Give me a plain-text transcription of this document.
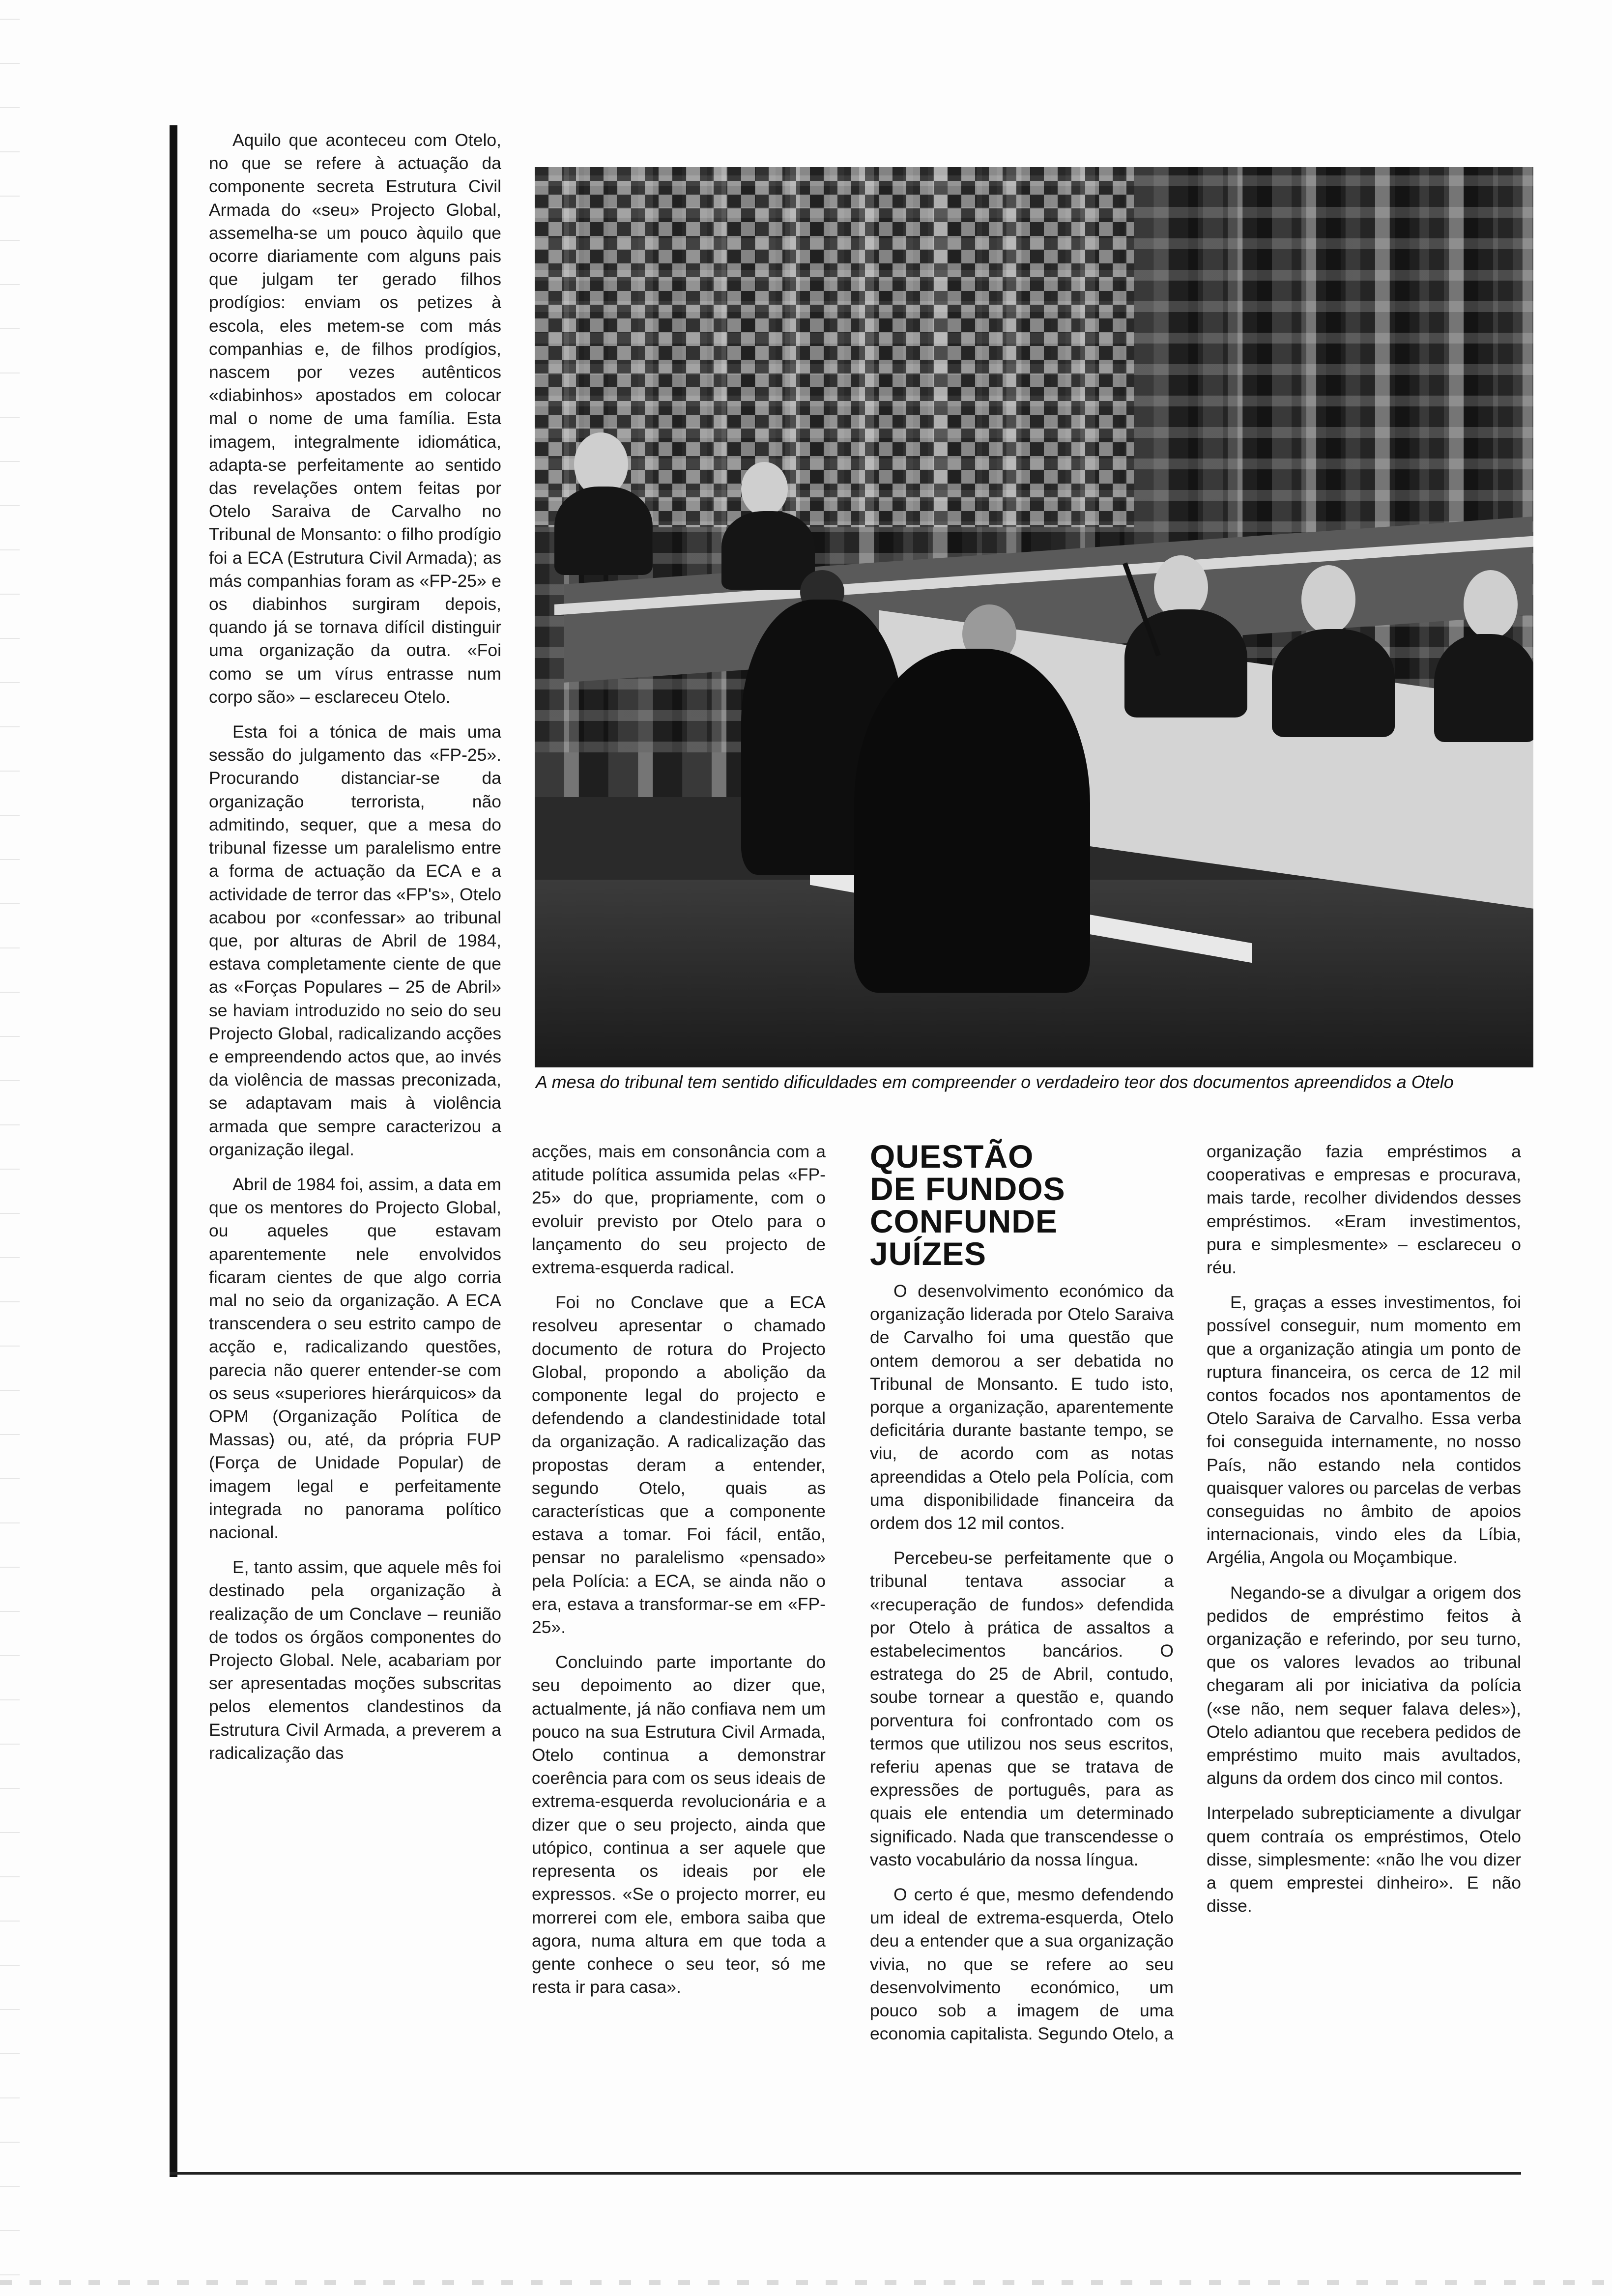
Aquilo que aconteceu com Otelo, no que se refere à actuação da componente secreta Estrutura Civil Armada do «seu» Projecto Global, assemelha-se um pouco àquilo que ocorre diariamente com alguns pais que julgam ter gerado filhos prodígios: enviam os petizes à escola, eles metem-se com más companhias e, de filhos prodígios, nascem por vezes autênticos «diabinhos» apostados em colocar mal o nome de uma família. Esta imagem, integralmente idiomática, adapta-se perfeitamente ao sentido das revelações ontem feitas por Otelo Saraiva de Carvalho no Tribunal de Monsanto: o filho prodígio foi a ECA (Estrutura Civil Armada); as más companhias foram as «FP-25» e os diabinhos surgiram depois, quando já se tornava difícil distinguir uma organização da outra. «Foi como se um vírus entrasse num corpo são» – esclareceu Otelo.

Esta foi a tónica de mais uma sessão do julgamento das «FP-25». Procurando distanciar-se da organização terrorista, não admitindo, sequer, que a mesa do tribunal fizesse um paralelismo entre a forma de actuação da ECA e a actividade de terror das «FP's», Otelo acabou por «confessar» ao tribunal que, por alturas de Abril de 1984, estava completamente ciente de que as «Forças Populares – 25 de Abril» se haviam introduzido no seio do seu Projecto Global, radicalizando acções e empreendendo actos que, ao invés da violência de massas preconizada, se adaptavam mais à violência armada que sempre caracterizou a organização ilegal.

Abril de 1984 foi, assim, a data em que os mentores do Projecto Global, ou aqueles que estavam aparentemente nele envolvidos ficaram cientes de que algo corria mal no seio da organização. A ECA transcendera o seu estrito campo de acção e, radicalizando questões, parecia não querer entender-se com os seus «superiores hierárquicos» da OPM (Organização Política de Massas) ou, até, da própria FUP (Força de Unidade Popular) de imagem legal e perfeitamente integrada no panorama político nacional.

E, tanto assim, que aquele mês foi destinado pela organização à realização de um Conclave – reunião de todos os órgãos componentes do Projecto Global. Nele, acabariam por ser apresentadas moções subscritas pelos elementos clandestinos da Estrutura Civil Armada, a preverem a radicalização das

A mesa do tribunal tem sentido dificuldades em compreender o verdadeiro teor dos documentos apreendidos a Otelo

acções, mais em consonância com a atitude política assumida pelas «FP-25» do que, propriamente, com o evoluir previsto por Otelo para o lançamento do seu projecto de extrema-esquerda radical.

Foi no Conclave que a ECA resolveu apresentar o chamado documento de rotura do Projecto Global, propondo a abolição da componente legal do projecto e defendendo a clandestinidade total da organização. A radicalização das propostas deram a entender, segundo Otelo, quais as características que a componente estava a tomar. Foi fácil, então, pensar no paralelismo «pensado» pela Polícia: a ECA, se ainda não o era, estava a transformar-se em «FP-25».

Concluindo parte importante do seu depoimento ao dizer que, actualmente, já não confiava nem um pouco na sua Estrutura Civil Armada, Otelo continua a demonstrar coerência para com os seus ideais de extrema-esquerda revolucionária e a dizer que o seu projecto, ainda que utópico, continua a ser aquele que representa os ideais por ele expressos. «Se o projecto morrer, eu morrerei com ele, embora saiba que agora, numa altura em que toda a gente conhece o seu teor, só me resta ir para casa».

QUESTÃO
DE FUNDOS
CONFUNDE JUÍZES

O desenvolvimento económico da organização liderada por Otelo Saraiva de Carvalho foi uma questão que ontem demorou a ser debatida no Tribunal de Monsanto. E tudo isto, porque a organização, aparentemente deficitária durante bastante tempo, se viu, de acordo com as notas apreendidas a Otelo pela Polícia, com uma disponibilidade financeira da ordem dos 12 mil contos.

Percebeu-se perfeitamente que o tribunal tentava associar a «recuperação de fundos» defendida por Otelo à prática de assaltos a estabelecimentos bancários. O estratega do 25 de Abril, contudo, soube tornear a questão e, quando porventura foi confrontado com os termos que utilizou nos seus escritos, referiu apenas que se tratava de expressões de português, para as quais ele entendia um determinado significado. Nada que transcendesse o vasto vocabulário da nossa língua.

O certo é que, mesmo defendendo um ideal de extrema-esquerda, Otelo deu a entender que a sua organização vivia, no que se refere ao seu desenvolvimento económico, um pouco sob a imagem de uma economia capitalista. Segundo Otelo, a

organização fazia empréstimos a cooperativas e empresas e procurava, mais tarde, recolher dividendos desses empréstimos. «Eram investimentos, pura e simplesmente» – esclareceu o réu.

E, graças a esses investimentos, foi possível conseguir, num momento em que a organização atingia um ponto de ruptura financeira, os cerca de 12 mil contos focados nos apontamentos de Otelo Saraiva de Carvalho. Essa verba foi conseguida internamente, no nosso País, não estando nela contidos quaisquer valores ou parcelas de verbas conseguidas no âmbito de apoios internacionais, vindo eles da Líbia, Argélia, Angola ou Moçambique.

Negando-se a divulgar a origem dos pedidos de empréstimo feitos à organização e referindo, por seu turno, que os valores levados ao tribunal chegaram ali por iniciativa da polícia («se não, nem sequer falava deles»), Otelo adiantou que recebera pedidos de empréstimo muito mais avultados, alguns da ordem dos cinco mil contos.

Interpelado subrepticiamente a divulgar quem contraía os empréstimos, Otelo disse, simplesmente: «não lhe vou dizer a quem emprestei dinheiro». E não disse.
